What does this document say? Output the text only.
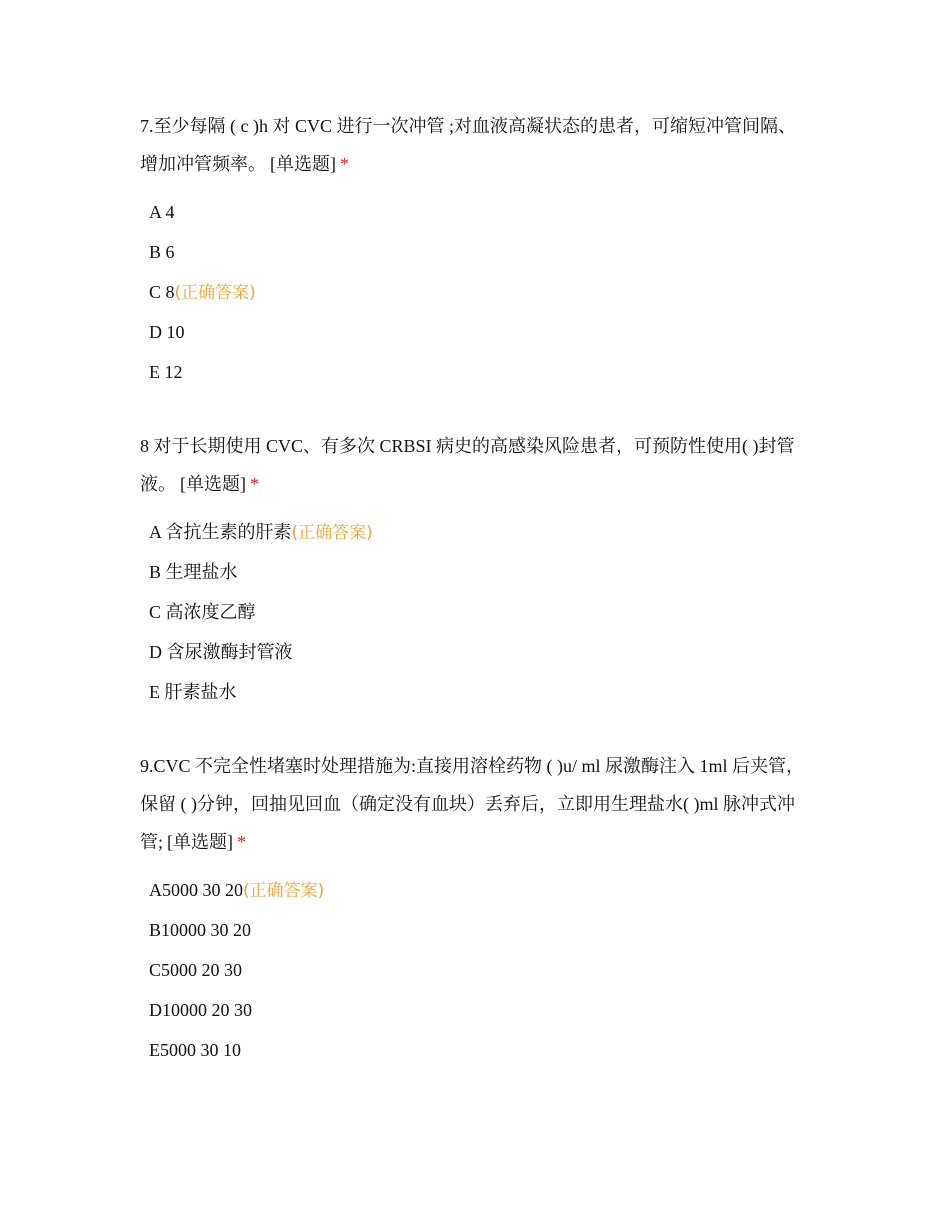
7.至少每隔 ( c )h 对 CVC 进行一次冲管 ;对血液高凝状态的患者，可缩短冲管间隔、增加冲管频率。 [单选题] *

A 4
B 6
C 8(正确答案)
D 10
E 12

8 对于长期使用 CVC、有多次 CRBSI 病史的高感染风险患者，可预防性使用( )封管液。 [单选题] *

A 含抗生素的肝素(正确答案)
B 生理盐水
C 高浓度乙醇
D 含尿激酶封管液
E 肝素盐水

9.CVC 不完全性堵塞时处理措施为:直接用溶栓药物 ( )u/ ml 尿激酶注入 1ml 后夹管，保留 ( )分钟，回抽见回血（确定没有血块）丢弃后，立即用生理盐水( )ml 脉冲式冲管; [单选题] *

A5000 30 20(正确答案)
B10000 30 20
C5000 20 30
D10000 20 30
E5000 30 10
